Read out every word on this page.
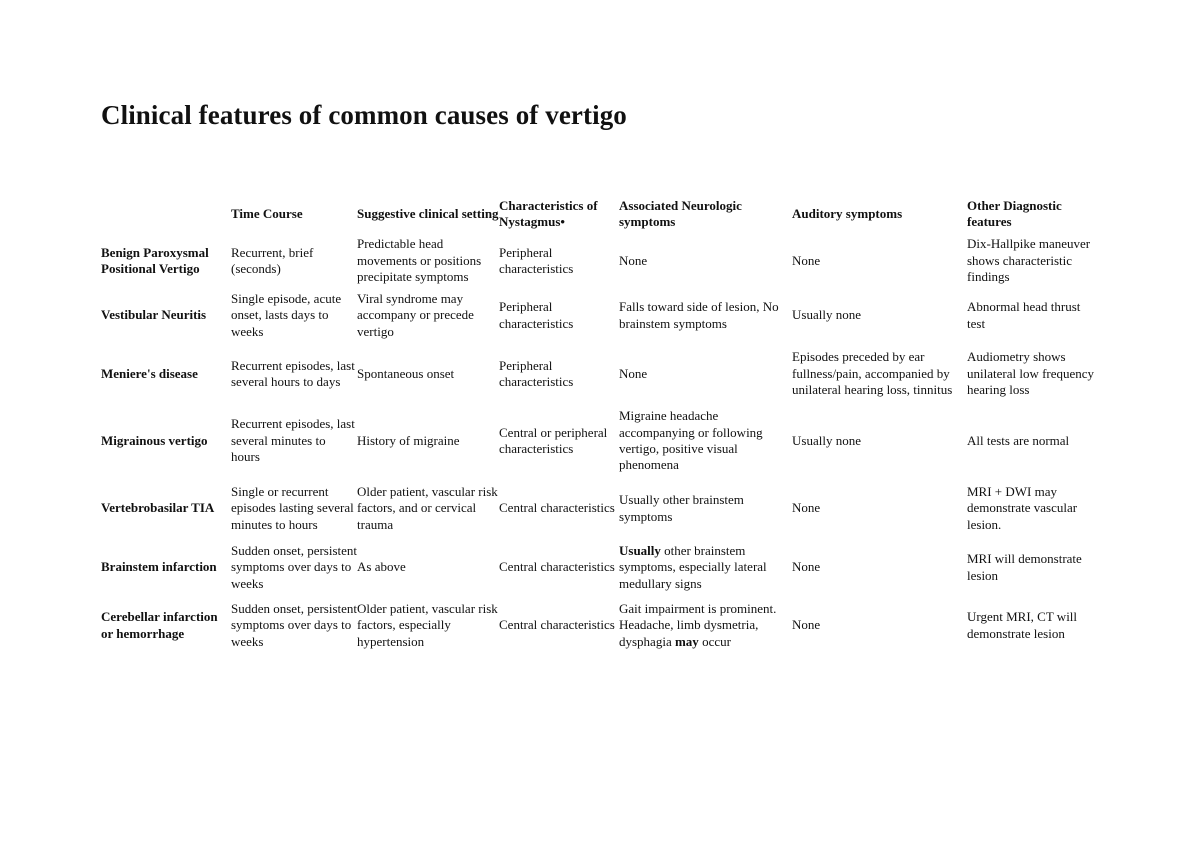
Clinical features of common causes of vertigo
	Time Course	Suggestive clinical setting	Characteristics of Nystagmus•	Associated Neurologic symptoms	Auditory symptoms	Other Diagnostic features
Benign Paroxysmal Positional Vertigo	Recurrent, brief (seconds)	Predictable head movements or positions precipitate symptoms	Peripheral characteristics	None	None	Dix-Hallpike maneuver shows characteristic findings
Vestibular Neuritis	Single episode, acute onset, lasts days to weeks	Viral syndrome may accompany or precede vertigo	Peripheral characteristics	Falls toward side of lesion, No brainstem symptoms	Usually none	Abnormal head thrust test
Meniere's disease	Recurrent episodes, last several hours to days	Spontaneous onset	Peripheral characteristics	None	Episodes preceded by ear fullness/pain, accompanied by unilateral hearing loss, tinnitus	Audiometry shows unilateral low frequency hearing loss
Migrainous vertigo	Recurrent episodes, last several minutes to hours	History of migraine	Central or peripheral characteristics	Migraine headache accompanying or following vertigo, positive visual phenomena	Usually none	All tests are normal
Vertebrobasilar TIA	Single or recurrent episodes lasting several minutes to hours	Older patient, vascular risk factors, and or cervical trauma	Central characteristics	Usually other brainstem symptoms	None	MRI + DWI may demonstrate vascular lesion.
Brainstem infarction	Sudden onset, persistent symptoms over days to weeks	As above	Central characteristics	Usually other brainstem symptoms, especially lateral medullary signs	None	MRI will demonstrate lesion
Cerebellar infarction or hemorrhage	Sudden onset, persistent symptoms over days to weeks	Older patient, vascular risk factors, especially hypertension	Central characteristics	Gait impairment is prominent. Headache, limb dysmetria, dysphagia may occur	None	Urgent MRI, CT will demonstrate lesion
